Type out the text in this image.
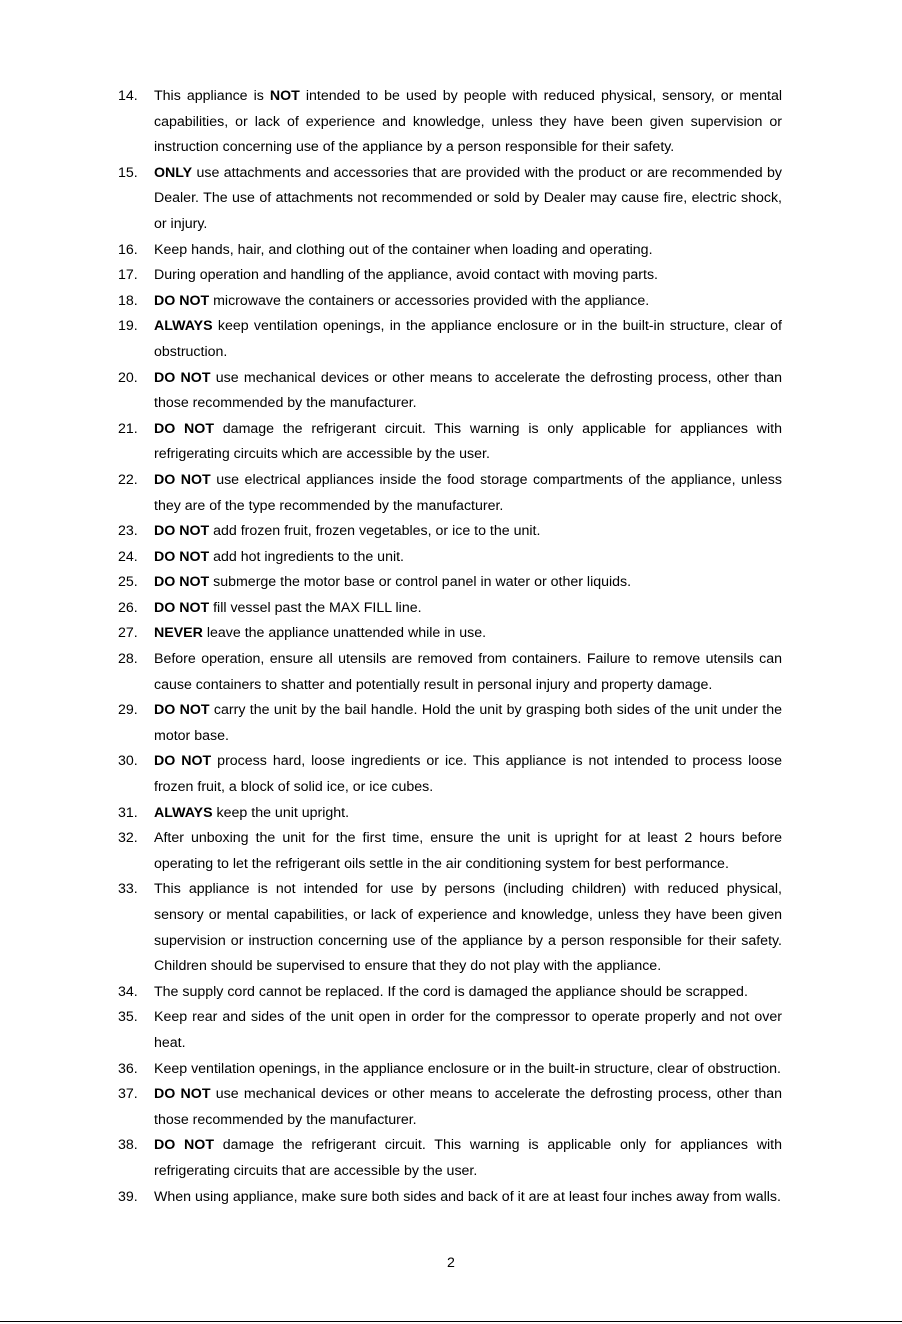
14. This appliance is NOT intended to be used by people with reduced physical, sensory, or mental capabilities, or lack of experience and knowledge, unless they have been given supervision or instruction concerning use of the appliance by a person responsible for their safety.
15. ONLY use attachments and accessories that are provided with the product or are recommended by Dealer. The use of attachments not recommended or sold by Dealer may cause fire, electric shock, or injury.
16. Keep hands, hair, and clothing out of the container when loading and operating.
17. During operation and handling of the appliance, avoid contact with moving parts.
18. DO NOT microwave the containers or accessories provided with the appliance.
19. ALWAYS keep ventilation openings, in the appliance enclosure or in the built-in structure, clear of obstruction.
20. DO NOT use mechanical devices or other means to accelerate the defrosting process, other than those recommended by the manufacturer.
21. DO NOT damage the refrigerant circuit. This warning is only applicable for appliances with refrigerating circuits which are accessible by the user.
22. DO NOT use electrical appliances inside the food storage compartments of the appliance, unless they are of the type recommended by the manufacturer.
23. DO NOT add frozen fruit, frozen vegetables, or ice to the unit.
24. DO NOT add hot ingredients to the unit.
25. DO NOT submerge the motor base or control panel in water or other liquids.
26. DO NOT fill vessel past the MAX FILL line.
27. NEVER leave the appliance unattended while in use.
28. Before operation, ensure all utensils are removed from containers. Failure to remove utensils can cause containers to shatter and potentially result in personal injury and property damage.
29. DO NOT carry the unit by the bail handle. Hold the unit by grasping both sides of the unit under the motor base.
30. DO NOT process hard, loose ingredients or ice. This appliance is not intended to process loose frozen fruit, a block of solid ice, or ice cubes.
31. ALWAYS keep the unit upright.
32. After unboxing the unit for the first time, ensure the unit is upright for at least 2 hours before operating to let the refrigerant oils settle in the air conditioning system for best performance.
33. This appliance is not intended for use by persons (including children) with reduced physical, sensory or mental capabilities, or lack of experience and knowledge, unless they have been given supervision or instruction concerning use of the appliance by a person responsible for their safety. Children should be supervised to ensure that they do not play with the appliance.
34. The supply cord cannot be replaced. If the cord is damaged the appliance should be scrapped.
35. Keep rear and sides of the unit open in order for the compressor to operate properly and not over heat.
36. Keep ventilation openings, in the appliance enclosure or in the built-in structure, clear of obstruction.
37. DO NOT use mechanical devices or other means to accelerate the defrosting process, other than those recommended by the manufacturer.
38. DO NOT damage the refrigerant circuit. This warning is applicable only for appliances with refrigerating circuits that are accessible by the user.
39. When using appliance, make sure both sides and back of it are at least four inches away from walls.
2
